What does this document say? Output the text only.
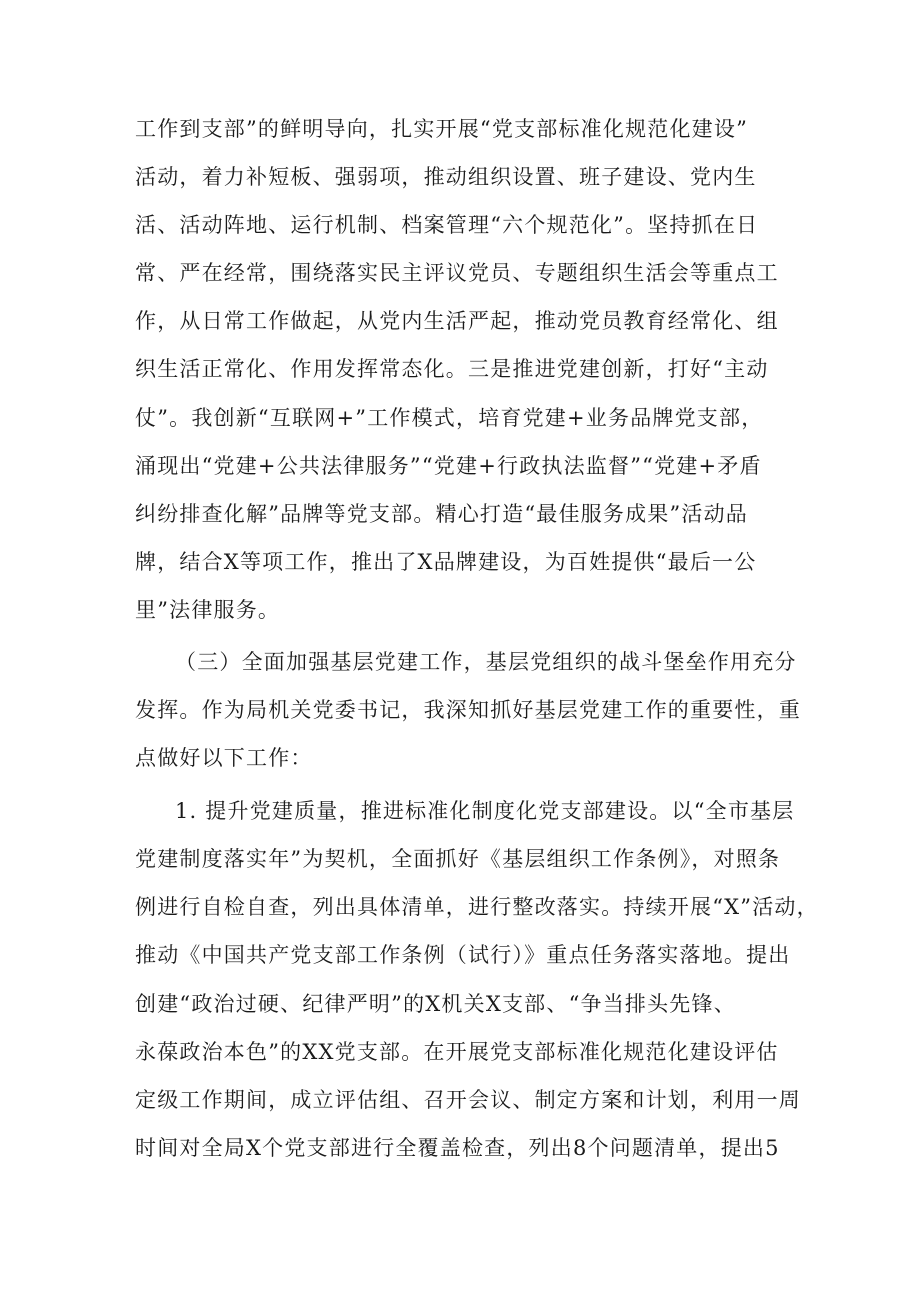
工作到支部”的鲜明导向，扎实开展“党支部标准化规范化建设”
活动，着力补短板、强弱项，推动组织设置、班子建设、党内生
活、活动阵地、运行机制、档案管理“六个规范化”。坚持抓在日
常、严在经常，围绕落实民主评议党员、专题组织生活会等重点工
作，从日常工作做起，从党内生活严起，推动党员教育经常化、组
织生活正常化、作用发挥常态化。三是推进党建创新，打好“主动
仗”。我创新“互联网+”工作模式，培育党建+业务品牌党支部，
涌现出“党建+公共法律服务”“党建+行政执法监督”“党建+矛盾
纠纷排查化解”品牌等党支部。精心打造“最佳服务成果”活动品
牌，结合X等项工作，推出了X品牌建设，为百姓提供“最后一公
里”法律服务。
（三）全面加强基层党建工作，基层党组织的战斗堡垒作用充分
发挥。作为局机关党委书记，我深知抓好基层党建工作的重要性，重
点做好以下工作：
1. 提升党建质量，推进标准化制度化党支部建设。以“全市基层
党建制度落实年”为契机，全面抓好《基层组织工作条例》，对照条
例进行自检自查，列出具体清单，进行整改落实。持续开展“X”活动，
推动《中国共产党支部工作条例（试行）》重点任务落实落地。提出
创建“政治过硬、纪律严明”的X机关X支部、“争当排头先锋、
永葆政治本色”的XX党支部。在开展党支部标准化规范化建设评估
定级工作期间，成立评估组、召开会议、制定方案和计划，利用一周
时间对全局X个党支部进行全覆盖检查，列出8个问题清单，提出5
